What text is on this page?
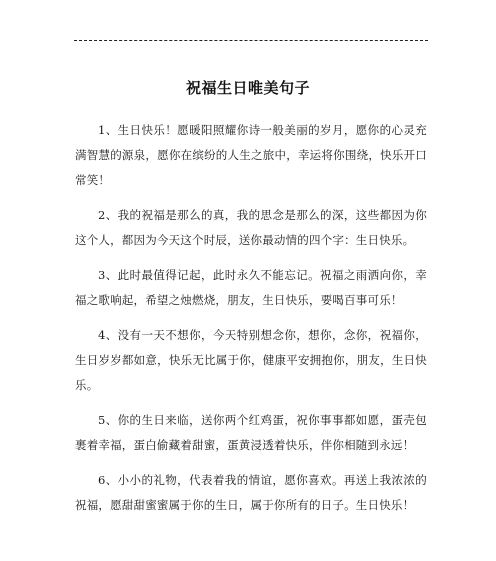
祝福生日唯美句子

1、生日快乐！愿暖阳照耀你诗一般美丽的岁月，愿你的心灵充满智慧的源泉，愿你在缤纷的人生之旅中，幸运将你围绕，快乐开口常笑！

2、我的祝福是那么的真，我的思念是那么的深，这些都因为你这个人，都因为今天这个时辰，送你最动情的四个字：生日快乐。

3、此时最值得记起，此时永久不能忘记。祝福之雨洒向你，幸福之歌响起，希望之烛燃烧，朋友，生日快乐，要喝百事可乐！

4、没有一天不想你，今天特别想念你，想你，念你，祝福你，生日岁岁都如意，快乐无比属于你，健康平安拥抱你，朋友，生日快乐。

5、你的生日来临，送你两个红鸡蛋，祝你事事都如愿，蛋壳包裹着幸福，蛋白偷藏着甜蜜，蛋黄浸透着快乐，伴你相随到永远！

6、小小的礼物，代表着我的情谊，愿你喜欢。再送上我浓浓的祝福，愿甜甜蜜蜜属于你的生日，属于你所有的日子。生日快乐！
